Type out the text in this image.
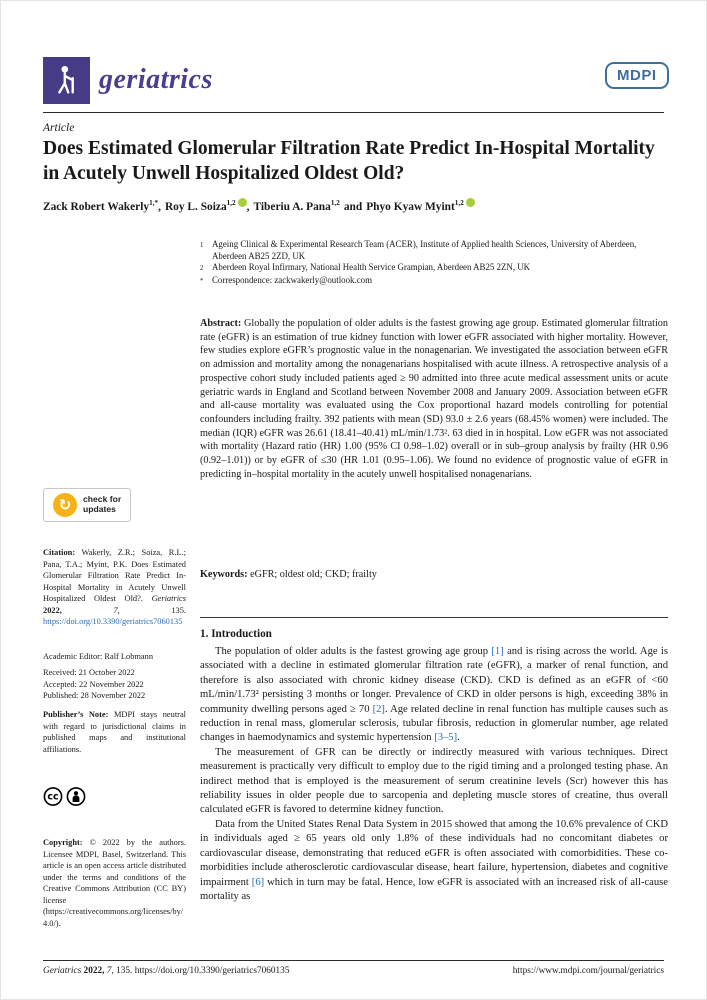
geriatrics	MDPI
Article
Does Estimated Glomerular Filtration Rate Predict In-Hospital Mortality in Acutely Unwell Hospitalized Oldest Old?
Zack Robert Wakerly$^{1,*}$, Roy L. Soiza$^{1,2}$ , Tiberiu A. Pana$^{1,2}$ and Phyo Kyaw Myint$^{1,2}$
1 Ageing Clinical & Experimental Research Team (ACER), Institute of Applied health Sciences, University of Aberdeen, Aberdeen AB25 2ZD, UK
2 Aberdeen Royal Infirmary, National Health Service Grampian, Aberdeen AB25 2ZN, UK
* Correspondence: zackwakerly@outlook.com
Abstract: Globally the population of older adults is the fastest growing age group. Estimated glomerular filtration rate (eGFR) is an estimation of true kidney function with lower eGFR associated with higher mortality. However, few studies explore eGFR’s prognostic value in the nonagenarian. We investigated the association between eGFR on admission and mortality among the nonagenarians hospitalised with acute illness. A retrospective analysis of a prospective cohort study included patients aged ≥ 90 admitted into three acute medical assessment units or acute geriatric wards in England and Scotland between November 2008 and January 2009. Association between eGFR and all-cause mortality was evaluated using the Cox proportional hazard models controlling for potential confounders including frailty. 392 patients with mean (SD) 93.0 ± 2.6 years (68.45% women) were included. The median (IQR) eGFR was 26.61 (18.41–40.41) mL/min/1.73². 63 died in in hospital. Low eGFR was not associated with mortality (Hazard ratio (HR) 1.00 (95% CI 0.98–1.02) overall or in sub–group analysis by frailty (HR 0.96 (0.92–1.01)) or by eGFR of ≤30 (HR 1.01 (0.95–1.06). We found no evidence of prognostic value of eGFR in predicting in–hospital mortality in the acutely unwell hospitalised nonagenarians.
Keywords: eGFR; oldest old; CKD; frailty
↻	check for
updates
Citation: Wakerly, Z.R.; Soiza, R.L.; Pana, T.A.; Myint, P.K. Does Estimated Glomerular Filtration Rate Predict In-Hospital Mortality in Acutely Unwell Hospitalized Oldest Old?. Geriatrics 2022,	7,	135. https://doi.org/10.3390/geriatrics7060135
Academic Editor: Ralf Lobmann
Received: 21 October 2022
Accepted: 22 November 2022
Published: 28 November 2022
Publisher’s Note: MDPI stays neutral with regard to jurisdictional claims in published maps and institutional affiliations.
cc
Copyright: © 2022 by the authors. Licensee MDPI, Basel, Switzerland. This article is an open access article distributed under the terms and conditions of the Creative Commons Attribution (CC BY) license (https://creativecommons.org/licenses/by/4.0/).
1. Introduction

The population of older adults is the fastest growing age group [1] and is rising across the world. Age is associated with a decline in estimated glomerular filtration rate (eGFR), a marker of renal function, and therefore is also associated with chronic kidney disease (CKD). CKD is defined as an eGFR of <60 mL/min/1.73² persisting 3 months or longer. Prevalence of CKD in older persons is high, exceeding 38% in community dwelling persons aged ≥ 70 [2]. Age related decline in renal function has multiple causes such as reduction in renal mass, glomerular sclerosis, tubular fibrosis, reduction in glomerular number, age related changes in haemodynamics and systemic hypertension [3–5].

The measurement of GFR can be directly or indirectly measured with various techniques. Direct measurement is practically very difficult to employ due to the rigid timing and a prolonged testing phase. An indirect method that is employed is the measurement of serum creatinine levels (Scr) however this has reliability issues in older people due to sarcopenia and depleting muscle stores of creatine, thus overall calculated eGFR is favored to determine kidney function.

Data from the United States Renal Data System in 2015 showed that among the 10.6% prevalence of CKD in individuals aged ≥ 65 years old only 1.8% of these individuals had no concomitant diabetes or cardiovascular disease, demonstrating that reduced eGFR is often associated with comorbidities. These co-morbidities include atherosclerotic cardiovascular disease, heart failure, hypertension, diabetes and cognitive impairment [6] which in turn may be fatal. Hence, low eGFR is associated with an increased risk of all-cause mortality as

Geriatrics 2022, 7, 135. https://doi.org/10.3390/geriatrics7060135	https://www.mdpi.com/journal/geriatrics
